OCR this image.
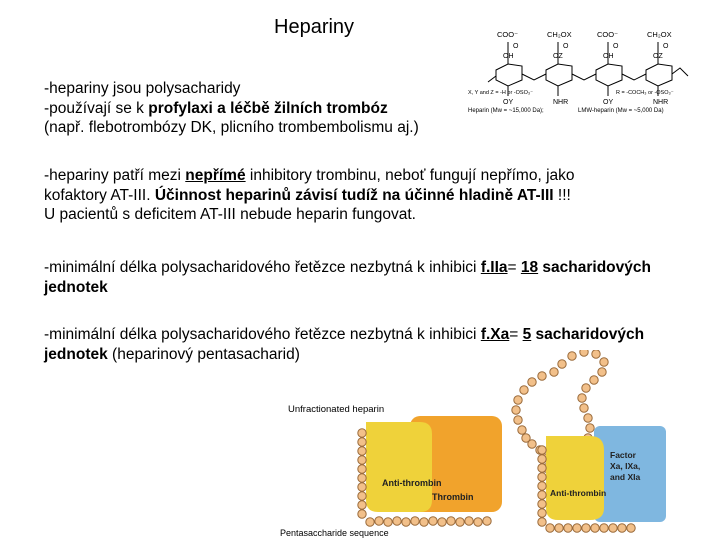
Hepariny
-hepariny jsou polysacharidy
-používají se k profylaxi a léčbě žilních trombóz
(např. flebotrombózy DK, plicního trombembolismu aj.)
-hepariny patří mezi nepřímé inhibitory trombinu, neboť fungují nepřímo, jako
kofaktory AT-III. Účinnost heparinů závisí tudíž na účinné hladině AT-III !!!
U pacientů s deficitem AT-III nebude heparin fungovat.
-minimální délka polysacharidového řetězce nezbytná k inhibici f.IIa= 18 sacharidových
jednotek
-minimální délka polysacharidového řetězce nezbytná k inhibici f.Xa= 5 sacharidových
jednotek (heparinový pentasacharid)
COO⁻	CH₂OX	COO⁻	CH₂OX
O	O	O	O
OH	OZ	OH	OZ
OY	NHR	OY	NHR
X, Y and Z = -H or -OSO₃⁻	R = -COCH₃ or -OSO₃⁻
Heparin (Mw = ~15,000 Da);	LMW-heparin (Mw = ~5,000 Da)
Unfractionated heparin
Anti-thrombin
Thrombin
Factor
Xa, IXa,
and XIa
Anti-thrombin
Pentasaccharide sequence
